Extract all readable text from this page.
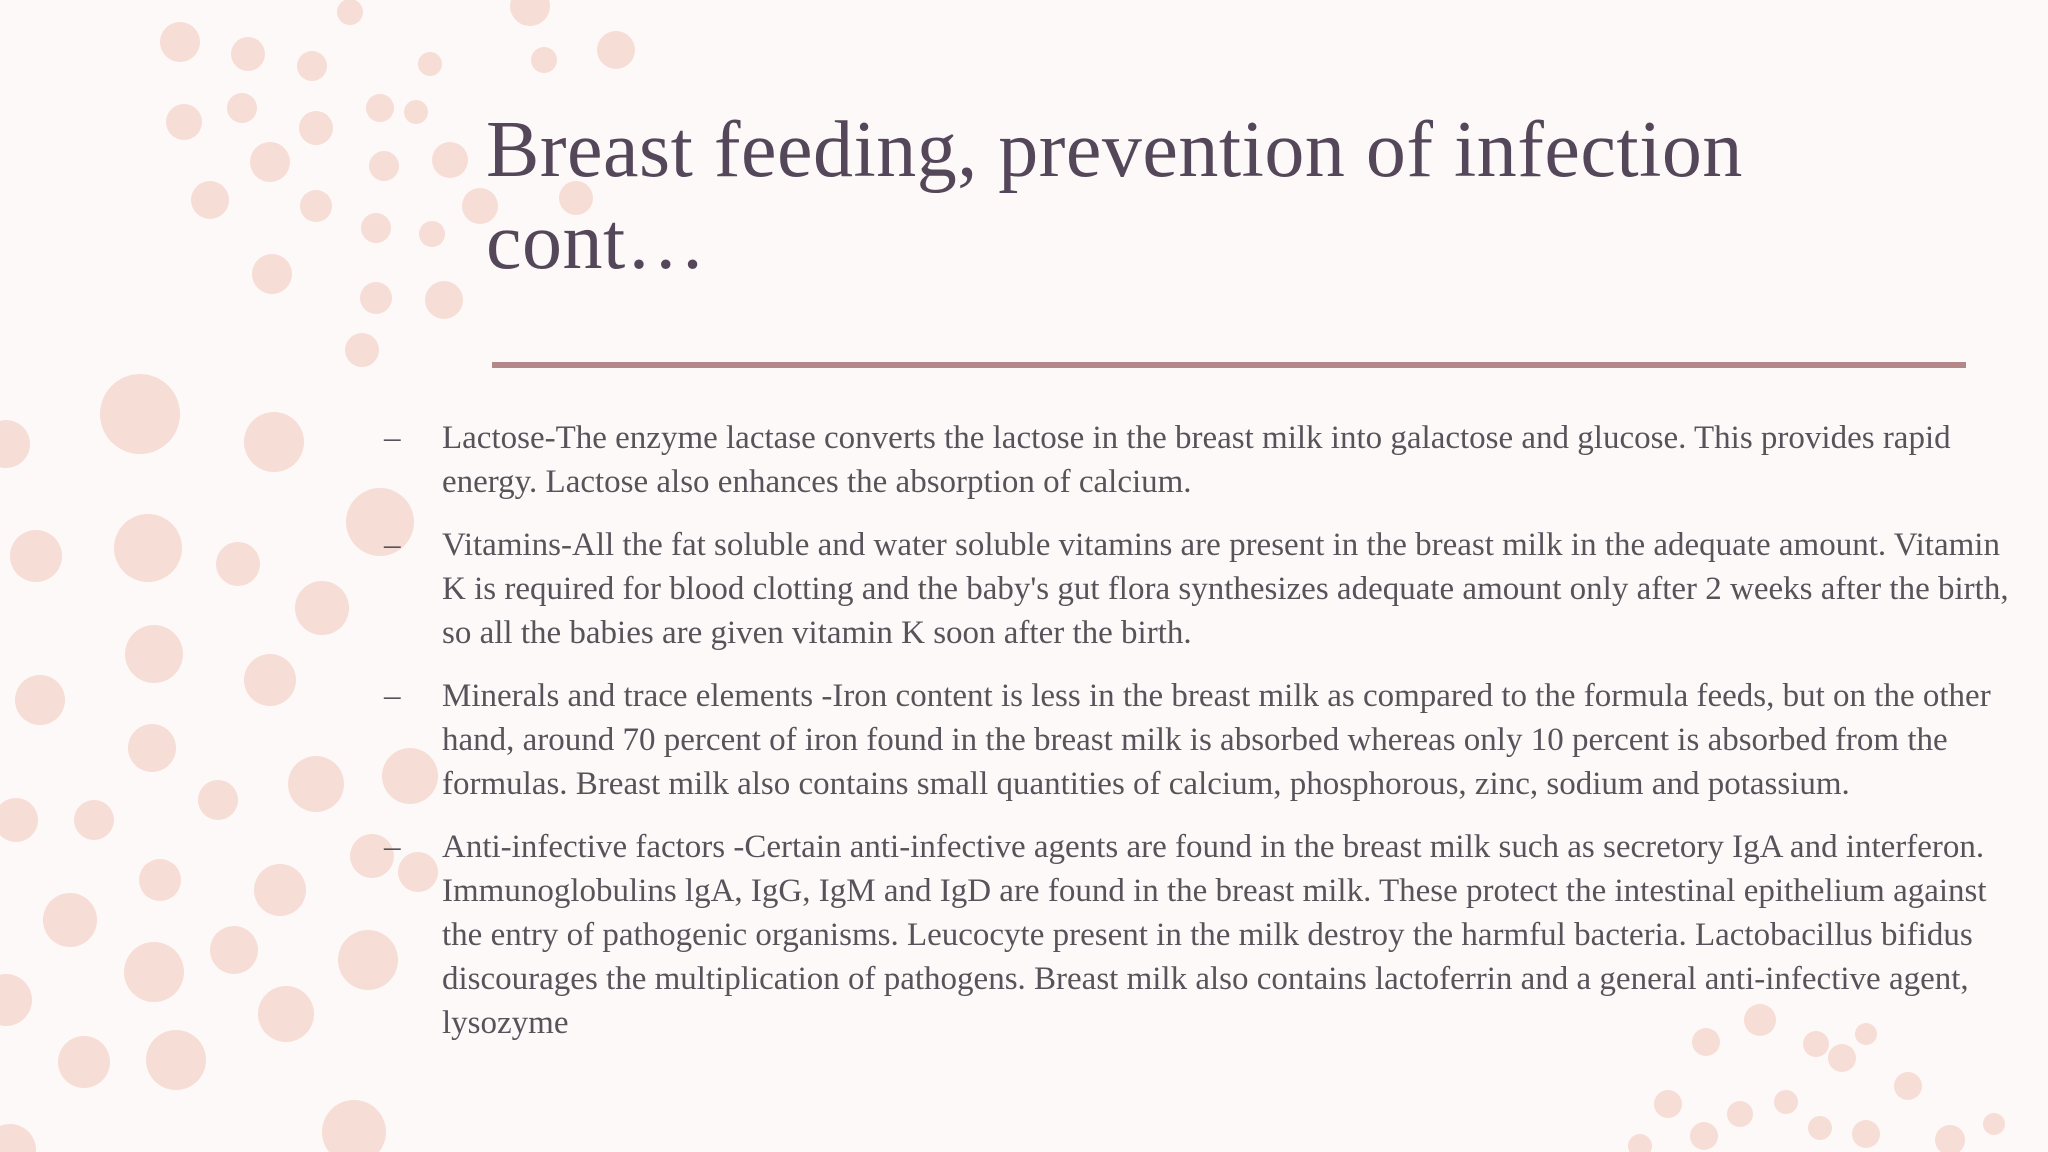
Breast feeding, prevention of infection cont…
–	Lactose-The enzyme lactase converts the lactose in the breast milk into galactose and glucose. This provides rapid energy. Lactose also enhances the absorption of calcium.
–	Vitamins-All the fat soluble and water soluble vitamins are present in the breast milk in the adequate amount. Vitamin K is required for blood clotting and the baby's gut flora synthesizes adequate amount only after 2 weeks after the birth, so all the babies are given vitamin K soon after the birth.
–	Minerals and trace elements -Iron content is less in the breast milk as compared to the formula feeds, but on the other hand, around 70 percent of iron found in the breast milk is absorbed whereas only 10 percent is absorbed from the formulas. Breast milk also contains small quantities of calcium, phosphorous, zinc, sodium and potassium.
–	Anti-infective factors -Certain anti-infective agents are found in the breast milk such as secretory IgA and interferon. Immunoglobulins lgA, IgG, IgM and IgD are found in the breast milk. These protect the intestinal epithelium against the entry of pathogenic organisms. Leucocyte present in the milk destroy the harmful bacteria. Lactobacillus bifidus discourages the multiplication of pathogens. Breast milk also contains lactoferrin and a general anti-infective agent, lysozyme
